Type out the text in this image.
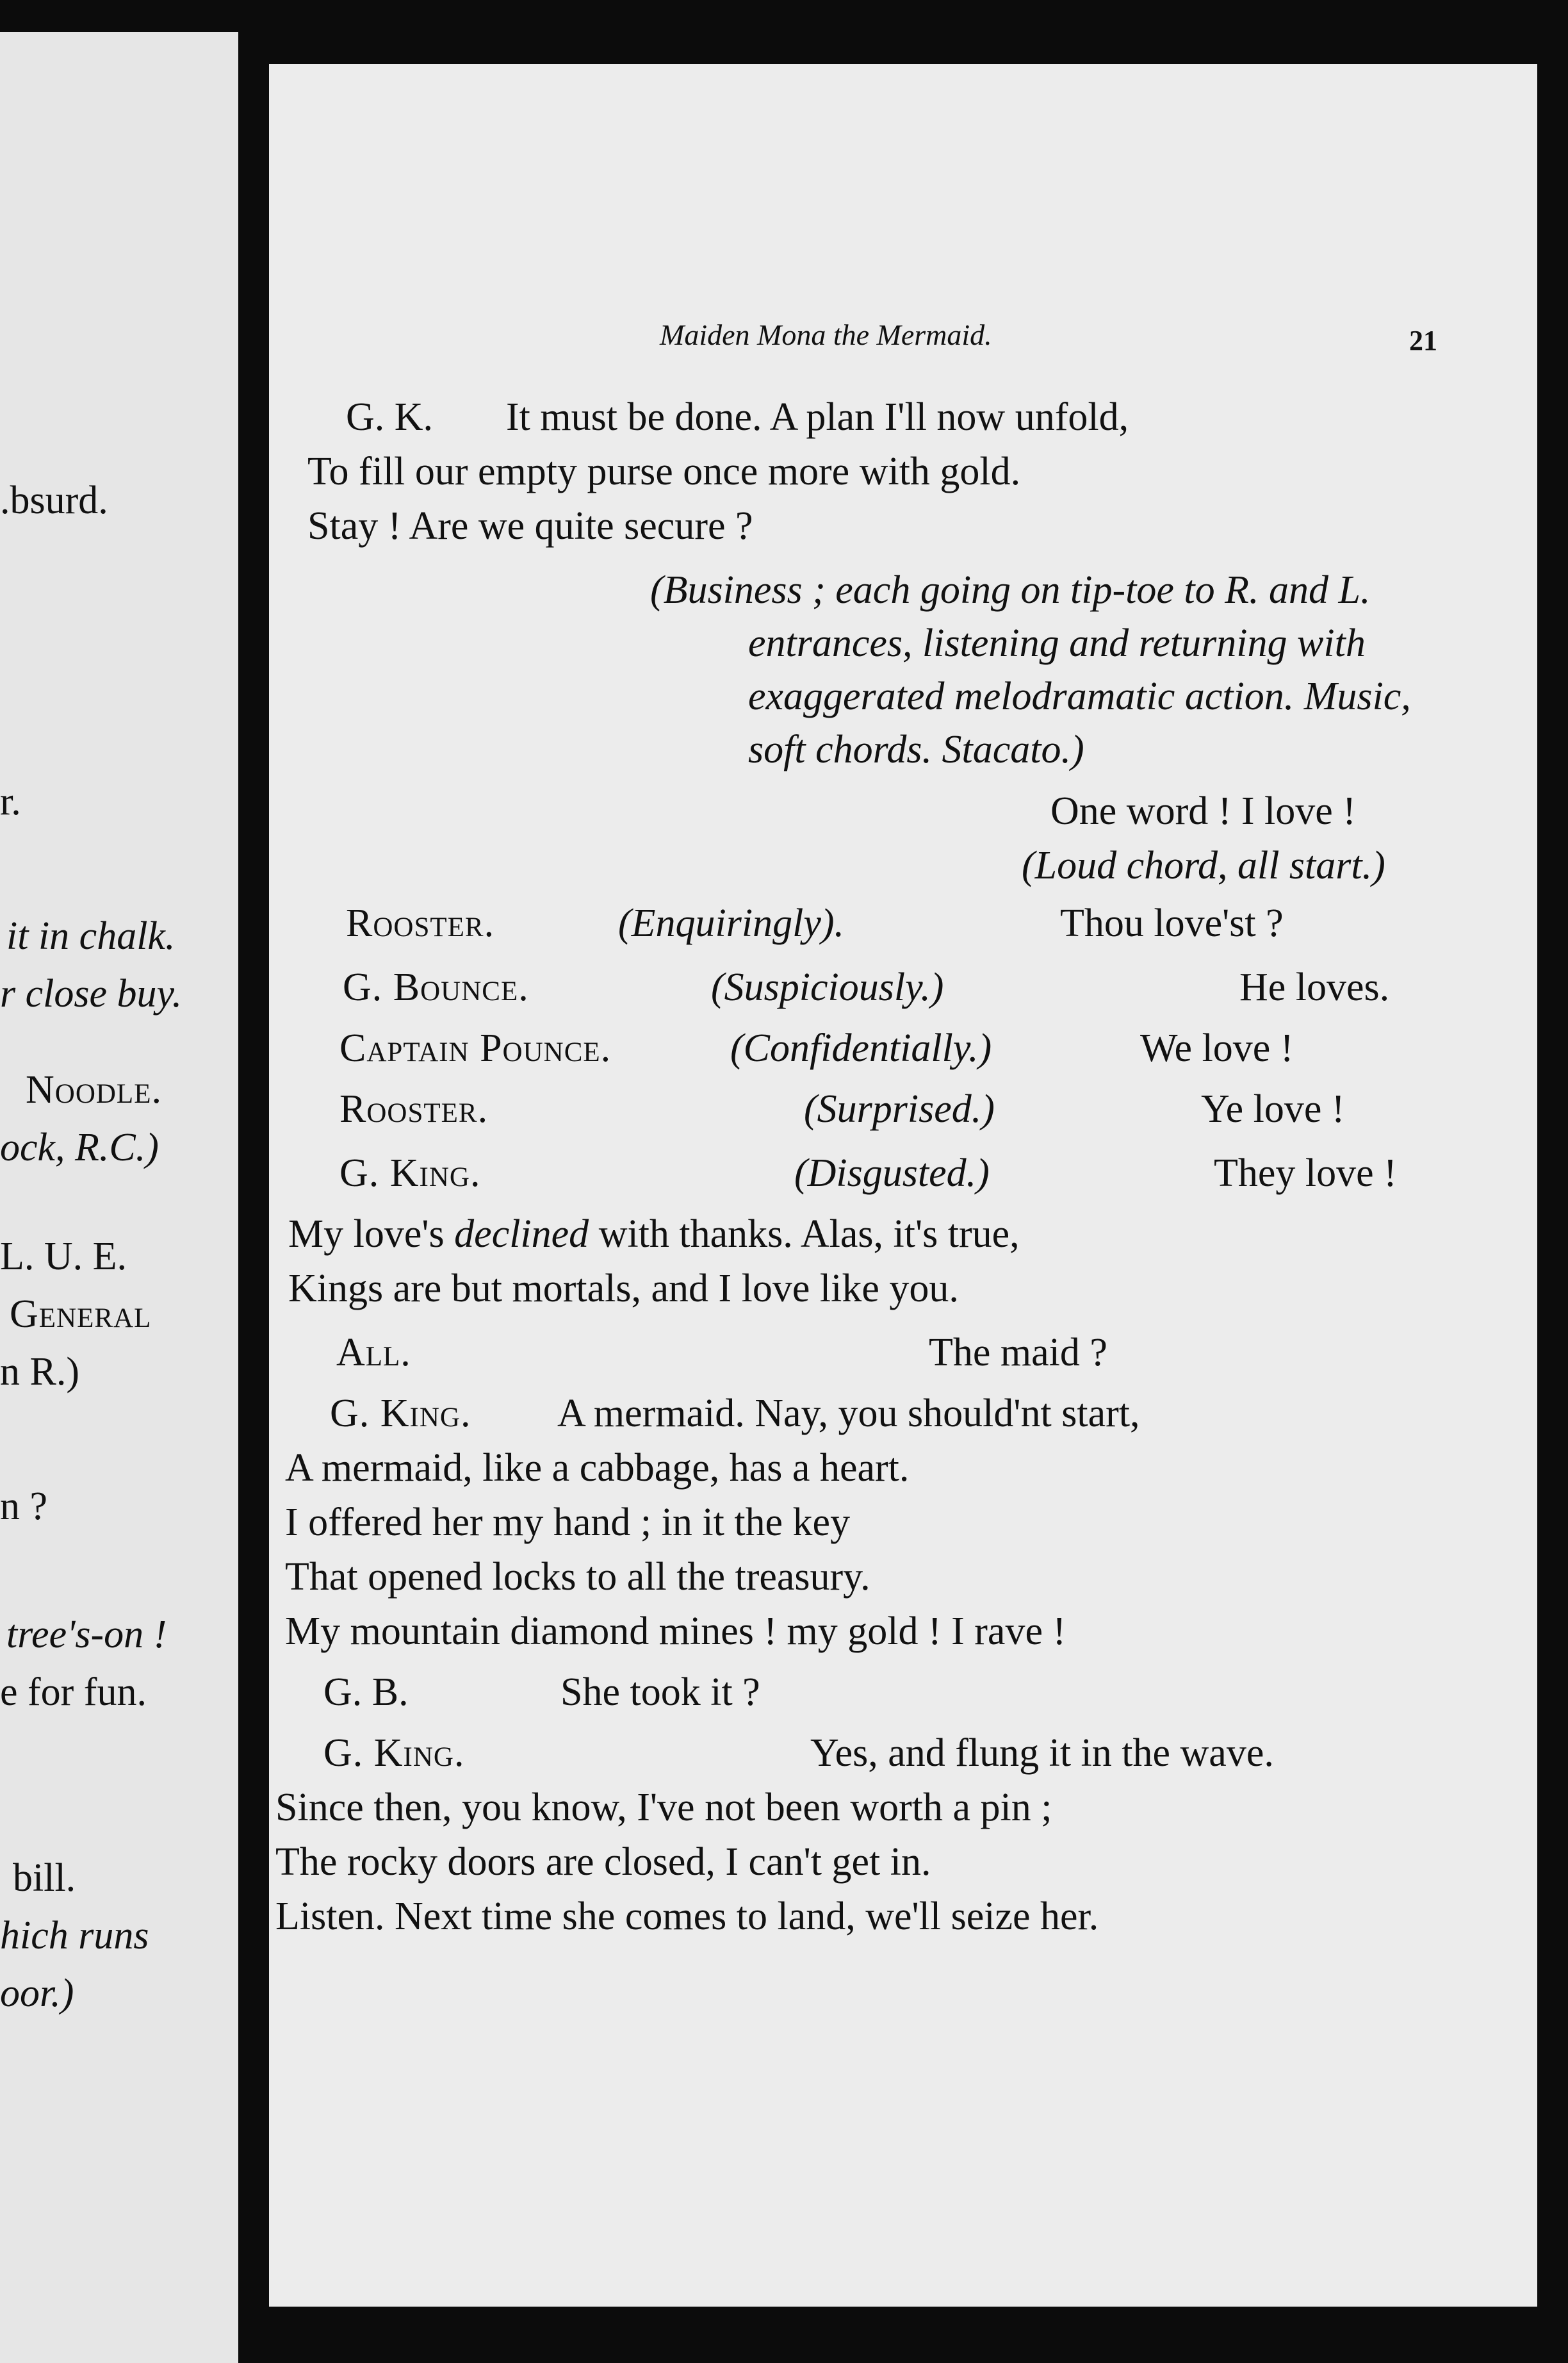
.bsurd.
r.
it in chalk.
r close buy.
Noodle.
ock, R.C.)
L. U. E.
General
n R.)
n ?
tree's-on !
e for fun.
bill.
hich runs
oor.)
Maiden Mona the Mermaid.	21
G. K. It must be done. A plan I'll now unfold,
To fill our empty purse once more with gold.
Stay ! Are we quite secure ?
(Business ; each going on tip-toe to R. and L.
entrances, listening and returning with
exaggerated melodramatic action. Music,
soft chords. Stacato.)
One word ! I love !
(Loud chord, all start.)
Rooster.	(Enquiringly).	Thou love'st ?
G. Bounce.	(Suspiciously.)	He loves.
Captain Pounce.	(Confidentially.)	We love !
Rooster.	(Surprised.)	Ye love !
G. King.	(Disgusted.)	They love !
My love's declined with thanks. Alas, it's true,
Kings are but mortals, and I love like you.
All.	The maid ?
G. King. A mermaid. Nay, you should'nt start,
A mermaid, like a cabbage, has a heart.
I offered her my hand ; in it the key
That opened locks to all the treasury.
My mountain diamond mines ! my gold ! I rave !
G. B.	She took it ?
G. King.	Yes, and flung it in the wave.
Since then, you know, I've not been worth a pin ;
The rocky doors are closed, I can't get in.
Listen. Next time she comes to land, we'll seize her.
